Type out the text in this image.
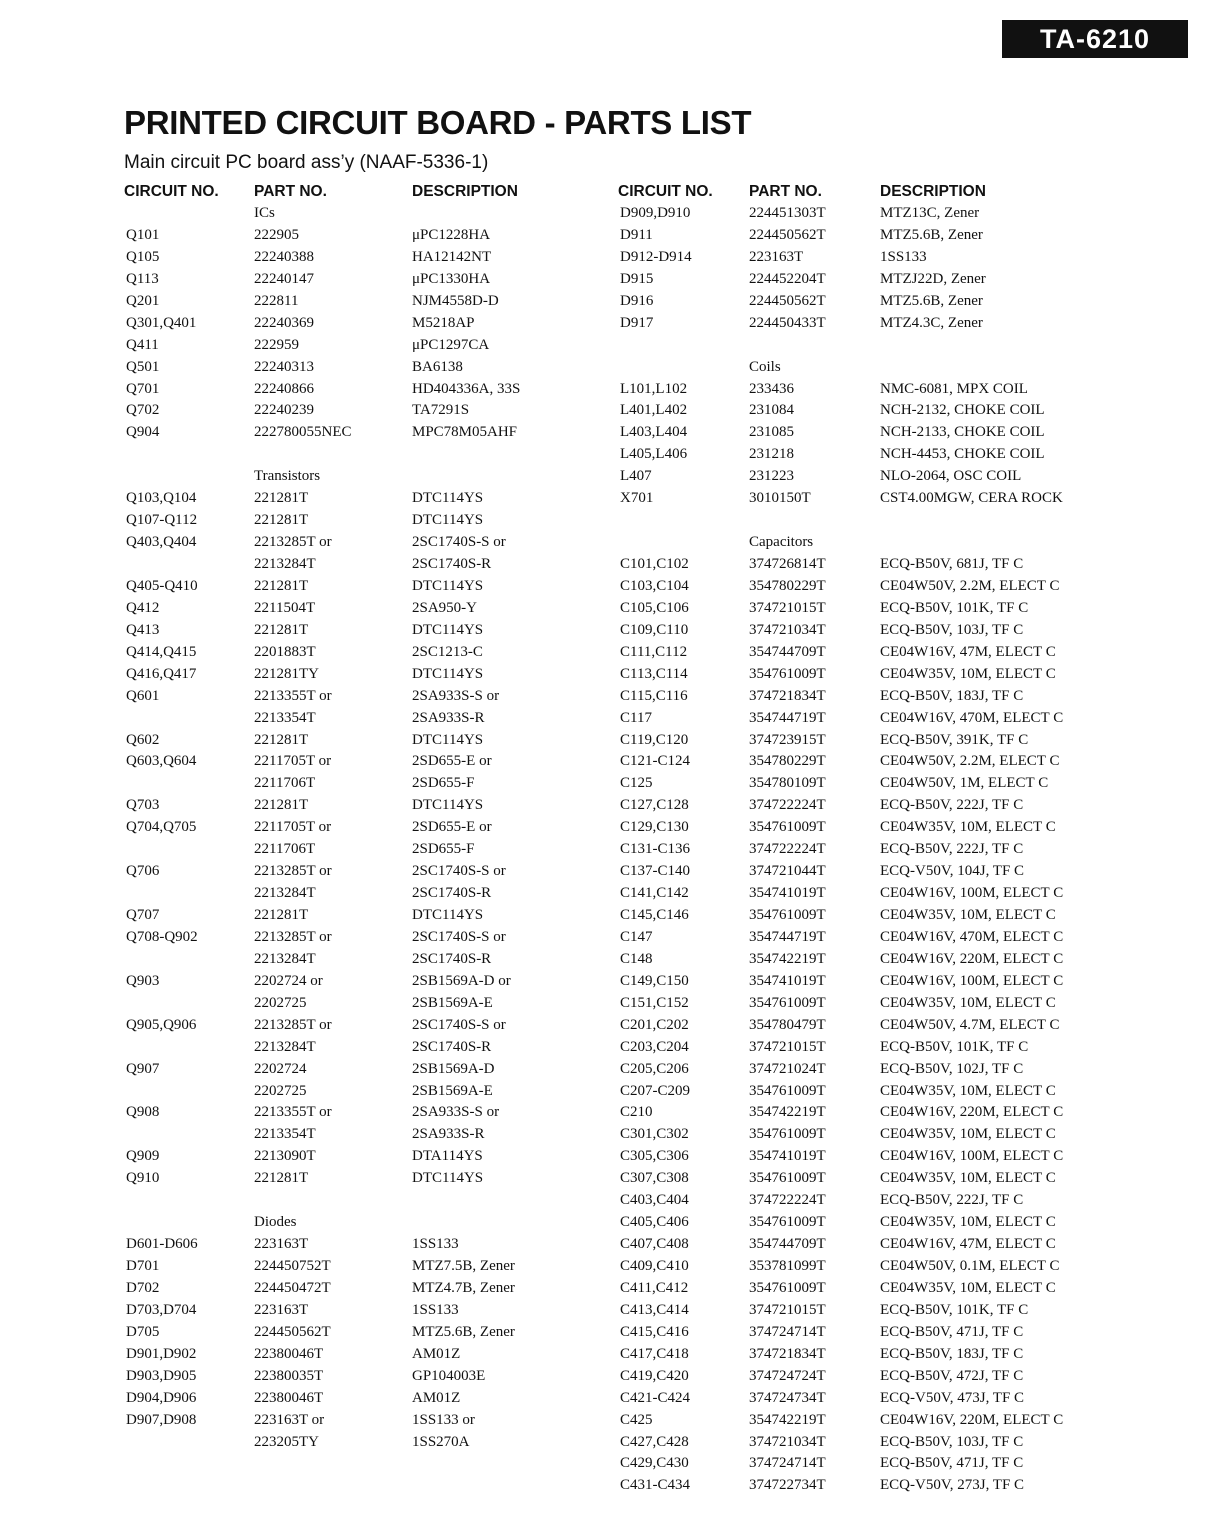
TA-6210
PRINTED CIRCUIT BOARD - PARTS LIST
Main circuit PC board ass’y (NAAF-5336-1)
CIRCUIT NO. PART NO.	DESCRIPTION
ICs
Q101	222905	μPC1228HA
Q105	22240388	HA12142NT
Q113	22240147	μPC1330HA
Q201	222811	NJM4558D-D
Q301,Q401	22240369	M5218AP
Q411	222959	μPC1297CA
Q501	22240313	BA6138
Q701	22240866	HD404336A, 33S
Q702	22240239	TA7291S
Q904	222780055NEC	MPC78M05AHF
Transistors
Q103,Q104	221281T	DTC114YS
Q107-Q112	221281T	DTC114YS
Q403,Q404	2213285T or	2SC1740S-S or
2213284T	2SC1740S-R
Q405-Q410	221281T	DTC114YS
Q412	2211504T	2SA950-Y
Q413	221281T	DTC114YS
Q414,Q415	2201883T	2SC1213-C
Q416,Q417	221281TY	DTC114YS
Q601	2213355T or	2SA933S-S or
2213354T	2SA933S-R
Q602	221281T	DTC114YS
Q603,Q604	2211705T or	2SD655-E or
2211706T	2SD655-F
Q703	221281T	DTC114YS
Q704,Q705	2211705T or	2SD655-E or
2211706T	2SD655-F
Q706	2213285T or	2SC1740S-S or
2213284T	2SC1740S-R
Q707	221281T	DTC114YS
Q708-Q902	2213285T or	2SC1740S-S or
2213284T	2SC1740S-R
Q903	2202724 or	2SB1569A-D or
2202725	2SB1569A-E
Q905,Q906	2213285T or	2SC1740S-S or
2213284T	2SC1740S-R
Q907	2202724	2SB1569A-D
2202725	2SB1569A-E
Q908	2213355T or	2SA933S-S or
2213354T	2SA933S-R
Q909	2213090T	DTA114YS
Q910	221281T	DTC114YS
Diodes
D601-D606	223163T	1SS133
D701	224450752T	MTZ7.5B, Zener
D702	224450472T	MTZ4.7B, Zener
D703,D704	223163T	1SS133
D705	224450562T	MTZ5.6B, Zener
D901,D902	22380046T	AM01Z
D903,D905	22380035T	GP104003E
D904,D906	22380046T	AM01Z
D907,D908	223163T or	1SS133 or
223205TY	1SS270A
CIRCUIT NO. PART NO.	DESCRIPTION
D909,D910	224451303T	MTZ13C, Zener
D911	224450562T	MTZ5.6B, Zener
D912-D914	223163T	1SS133
D915	224452204T	MTZJ22D, Zener
D916	224450562T	MTZ5.6B, Zener
D917	224450433T	MTZ4.3C, Zener
Coils
L101,L102	233436	NMC-6081, MPX COIL
L401,L402	231084	NCH-2132, CHOKE COIL
L403,L404	231085	NCH-2133, CHOKE COIL
L405,L406	231218	NCH-4453, CHOKE COIL
L407	231223	NLO-2064, OSC COIL
X701	3010150T	CST4.00MGW, CERA ROCK
Capacitors
C101,C102	374726814T	ECQ-B50V, 681J, TF C
C103,C104	354780229T	CE04W50V, 2.2M, ELECT C
C105,C106	374721015T	ECQ-B50V, 101K, TF C
C109,C110	374721034T	ECQ-B50V, 103J, TF C
C111,C112	354744709T	CE04W16V, 47M, ELECT C
C113,C114	354761009T	CE04W35V, 10M, ELECT C
C115,C116	374721834T	ECQ-B50V, 183J, TF C
C117	354744719T	CE04W16V, 470M, ELECT C
C119,C120	374723915T	ECQ-B50V, 391K, TF C
C121-C124	354780229T	CE04W50V, 2.2M, ELECT C
C125	354780109T	CE04W50V, 1M, ELECT C
C127,C128	374722224T	ECQ-B50V, 222J, TF C
C129,C130	354761009T	CE04W35V, 10M, ELECT C
C131-C136	374722224T	ECQ-B50V, 222J, TF C
C137-C140	374721044T	ECQ-V50V, 104J, TF C
C141,C142	354741019T	CE04W16V, 100M, ELECT C
C145,C146	354761009T	CE04W35V, 10M, ELECT C
C147	354744719T	CE04W16V, 470M, ELECT C
C148	354742219T	CE04W16V, 220M, ELECT C
C149,C150	354741019T	CE04W16V, 100M, ELECT C
C151,C152	354761009T	CE04W35V, 10M, ELECT C
C201,C202	354780479T	CE04W50V, 4.7M, ELECT C
C203,C204	374721015T	ECQ-B50V, 101K, TF C
C205,C206	374721024T	ECQ-B50V, 102J, TF C
C207-C209	354761009T	CE04W35V, 10M, ELECT C
C210	354742219T	CE04W16V, 220M, ELECT C
C301,C302	354761009T	CE04W35V, 10M, ELECT C
C305,C306	354741019T	CE04W16V, 100M, ELECT C
C307,C308	354761009T	CE04W35V, 10M, ELECT C
C403,C404	374722224T	ECQ-B50V, 222J, TF C
C405,C406	354761009T	CE04W35V, 10M, ELECT C
C407,C408	354744709T	CE04W16V, 47M, ELECT C
C409,C410	353781099T	CE04W50V, 0.1M, ELECT C
C411,C412	354761009T	CE04W35V, 10M, ELECT C
C413,C414	374721015T	ECQ-B50V, 101K, TF C
C415,C416	374724714T	ECQ-B50V, 471J, TF C
C417,C418	374721834T	ECQ-B50V, 183J, TF C
C419,C420	374724724T	ECQ-B50V, 472J, TF C
C421-C424	374724734T	ECQ-V50V, 473J, TF C
C425	354742219T	CE04W16V, 220M, ELECT C
C427,C428	374721034T	ECQ-B50V, 103J, TF C
C429,C430	374724714T	ECQ-B50V, 471J, TF C
C431-C434	374722734T	ECQ-V50V, 273J, TF C
